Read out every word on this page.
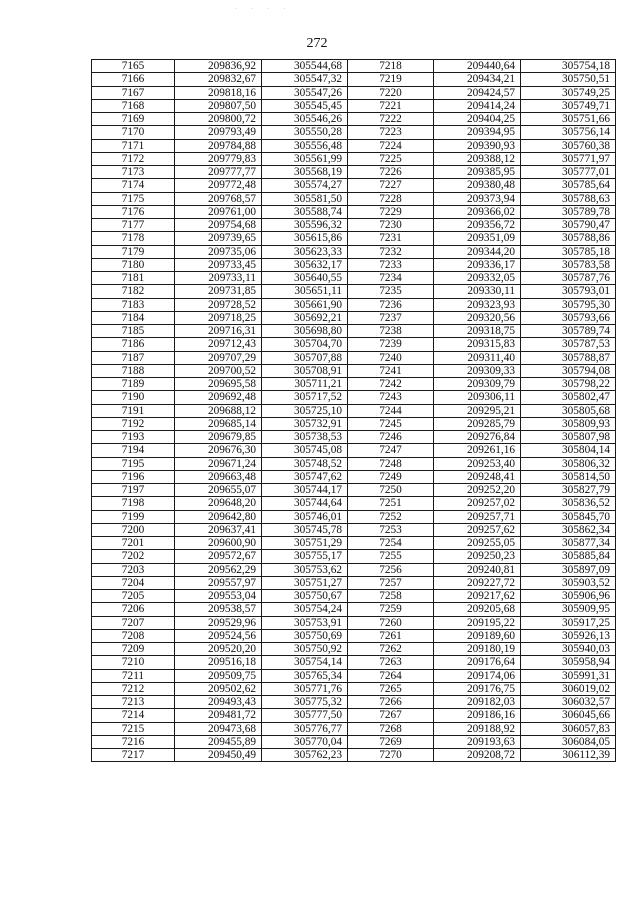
· · · ·
272
7165	209836,92	305544,68	7218	209440,64	305754,18
7166	209832,67	305547,32	7219	209434,21	305750,51
7167	209818,16	305547,26	7220	209424,57	305749,25
7168	209807,50	305545,45	7221	209414,24	305749,71
7169	209800,72	305546,26	7222	209404,25	305751,66
7170	209793,49	305550,28	7223	209394,95	305756,14
7171	209784,88	305556,48	7224	209390,93	305760,38
7172	209779,83	305561,99	7225	209388,12	305771,97
7173	209777,77	305568,19	7226	209385,95	305777,01
7174	209772,48	305574,27	7227	209380,48	305785,64
7175	209768,57	305581,50	7228	209373,94	305788,63
7176	209761,00	305588,74	7229	209366,02	305789,78
7177	209754,68	305596,32	7230	209356,72	305790,47
7178	209739,65	305615,86	7231	209351,09	305788,86
7179	209735,06	305623,33	7232	209344,20	305785,18
7180	209733,45	305632,17	7233	209336,17	305783,58
7181	209733,11	305640,55	7234	209332,05	305787,76
7182	209731,85	305651,11	7235	209330,11	305793,01
7183	209728,52	305661,90	7236	209323,93	305795,30
7184	209718,25	305692,21	7237	209320,56	305793,66
7185	209716,31	305698,80	7238	209318,75	305789,74
7186	209712,43	305704,70	7239	209315,83	305787,53
7187	209707,29	305707,88	7240	209311,40	305788,87
7188	209700,52	305708,91	7241	209309,33	305794,08
7189	209695,58	305711,21	7242	209309,79	305798,22
7190	209692,48	305717,52	7243	209306,11	305802,47
7191	209688,12	305725,10	7244	209295,21	305805,68
7192	209685,14	305732,91	7245	209285,79	305809,93
7193	209679,85	305738,53	7246	209276,84	305807,98
7194	209676,30	305745,08	7247	209261,16	305804,14
7195	209671,24	305748,52	7248	209253,40	305806,32
7196	209663,48	305747,62	7249	209248,41	305814,50
7197	209655,07	305744,17	7250	209252,20	305827,79
7198	209648,20	305744,64	7251	209257,02	305836,52
7199	209642,80	305746,01	7252	209257,71	305845,70
7200	209637,41	305745,78	7253	209257,62	305862,34
7201	209600,90	305751,29	7254	209255,05	305877,34
7202	209572,67	305755,17	7255	209250,23	305885,84
7203	209562,29	305753,62	7256	209240,81	305897,09
7204	209557,97	305751,27	7257	209227,72	305903,52
7205	209553,04	305750,67	7258	209217,62	305906,96
7206	209538,57	305754,24	7259	209205,68	305909,95
7207	209529,96	305753,91	7260	209195,22	305917,25
7208	209524,56	305750,69	7261	209189,60	305926,13
7209	209520,20	305750,92	7262	209180,19	305940,03
7210	209516,18	305754,14	7263	209176,64	305958,94
7211	209509,75	305765,34	7264	209174,06	305991,31
7212	209502,62	305771,76	7265	209176,75	306019,02
7213	209493,43	305775,32	7266	209182,03	306032,57
7214	209481,72	305777,50	7267	209186,16	306045,66
7215	209473,68	305776,77	7268	209188,92	306057,83
7216	209455,89	305770,04	7269	209193,63	306084,05
7217	209450,49	305762,23	7270	209208,72	306112,39
